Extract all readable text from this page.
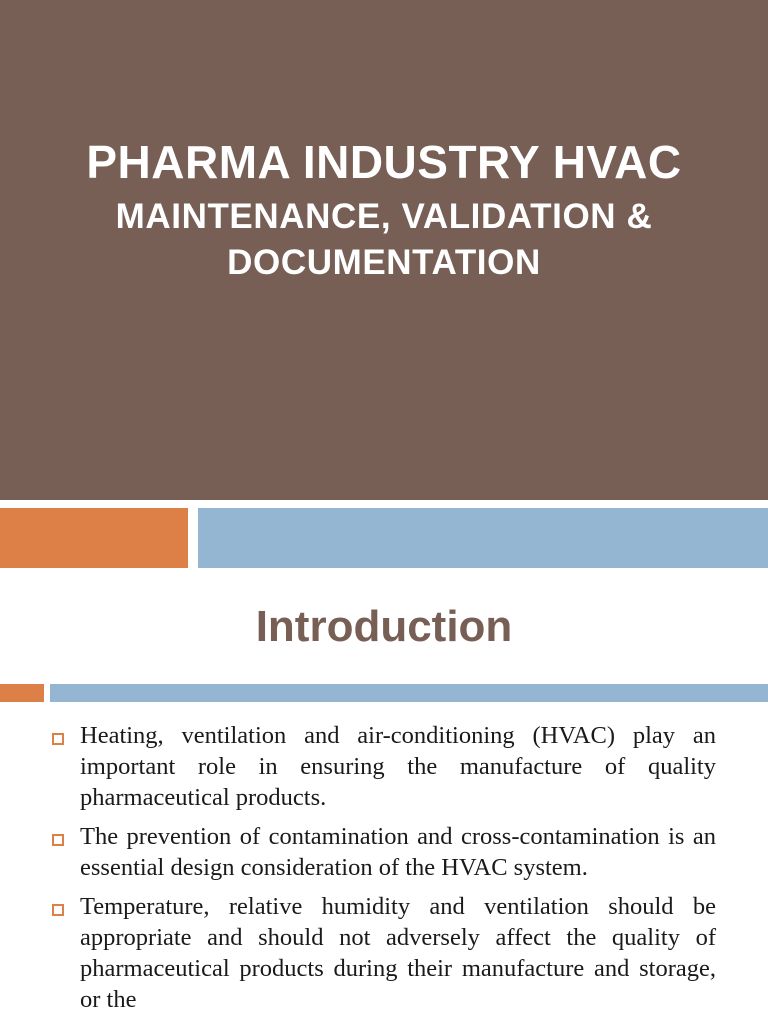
PHARMA INDUSTRY HVAC
MAINTENANCE, VALIDATION &
DOCUMENTATION
Introduction
Heating, ventilation and air-conditioning (HVAC) play an important role in ensuring the manufacture of quality pharmaceutical products.
The prevention of contamination and cross-contamination is an essential design consideration of the HVAC system.
Temperature, relative humidity and ventilation should be appropriate and should not adversely affect the quality of pharmaceutical products during their manufacture and storage, or the
